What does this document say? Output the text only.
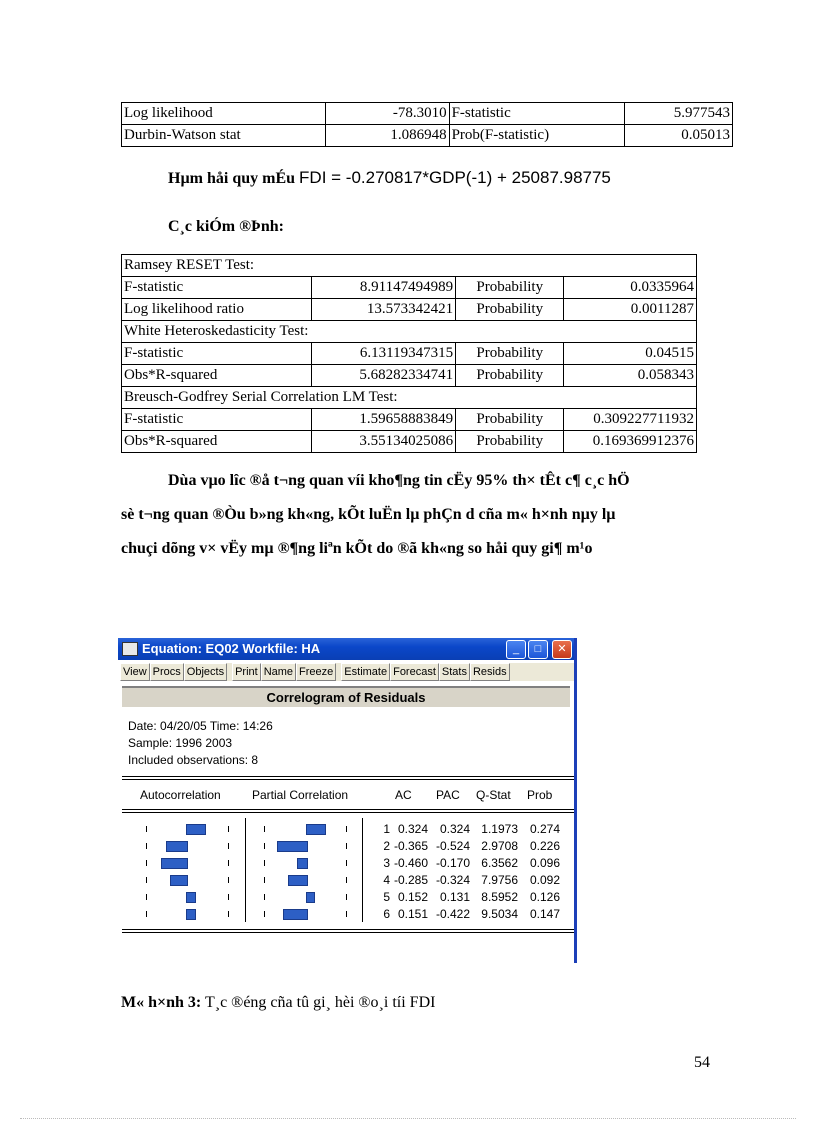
Log likelihood	-78.3010	F-statistic	5.977543
Durbin-Watson stat	1.086948	Prob(F-statistic)	0.05013
Hµm håi quy mÉu FDI = -0.270817*GDP(-1) + 25087.98775
C¸c kiÓm ®Þnh:
Ramsey RESET Test:			
F-statistic	8.91147494989	Probability	0.0335964
Log likelihood ratio	13.573342421	Probability	0.0011287
White Heteroskedasticity Test:			
F-statistic	6.13119347315	Probability	0.04515
Obs*R-squared	5.68282334741	Probability	0.058343
Breusch-Godfrey Serial Correlation LM Test:			
F-statistic	1.59658883849	Probability	0.309227711932
Obs*R-squared	3.55134025086	Probability	0.169369912376
Dùa vµo lîc ®å t¬ng quan víi kho¶ng tin cËy 95% th× tÊt c¶ c¸c hÖ
sè t¬ng quan ®Òu b»ng kh«ng, kÕt luËn lµ phÇn d cña m« h×nh nµy lµ
chuçi dõng v× vËy mµ ®¶ng liªn kÕt do ®ã kh«ng so håi quy gi¶ m¹o
Equation: EQ02 Workfile: HA	_	□	✕
View Procs Objects Print Name Freeze Estimate Forecast Stats Resids
Correlogram of Residuals
Date: 04/20/05 Time: 14:26
Sample: 1996 2003
Included observations: 8
Autocorrelation	Partial Correlation	AC PAC Q-Stat Prob
1 0.324 0.324 1.1973 0.274
2 -0.365 -0.524 2.9708 0.226
3 -0.460 -0.170 6.3562 0.096
4 -0.285 -0.324 7.9756 0.092
5 0.152 0.131 8.5952 0.126
6 0.151 -0.422 9.5034 0.147
M« h×nh 3: T¸c ®éng cña tû gi¸ hèi ®o¸i tíi FDI
54
